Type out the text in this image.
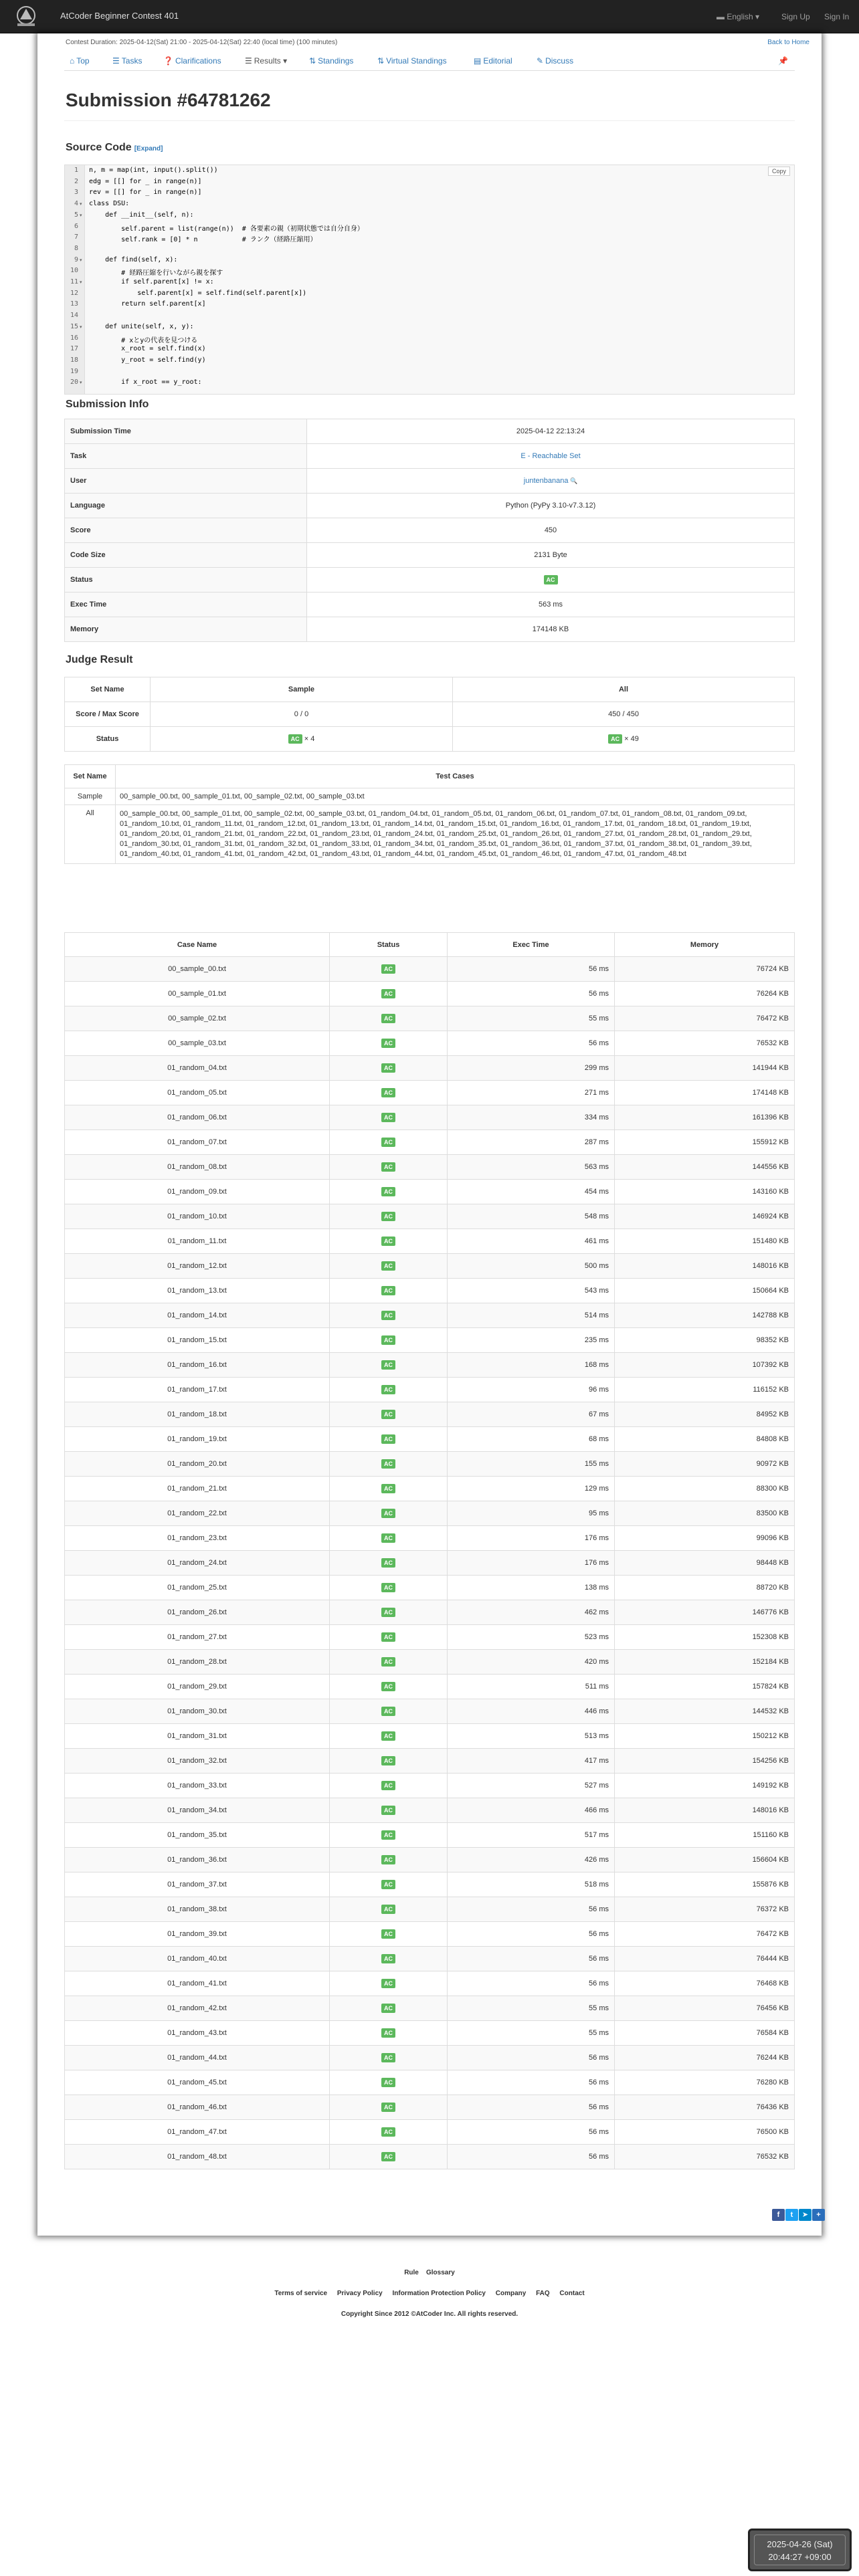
AtCoder Beginner Contest 401	▬ English ▾	Sign Up Sign In
Contest Duration: 2025-04-12(Sat) 21:00 - 2025-04-12(Sat) 22:40 (local time) (100 minutes)	Back to Home
⌂ Top	☰ Tasks	❓ Clarifications	☰ Results ▾	⇅ Standings	⇅ Virtual Standings	▤ Editorial	✎ Discuss	📌
Submission #64781262
Source Code [Expand]
1
2
3
4 ▾
5 ▾
6
7
8
9 ▾
10
11 ▾
12
13
14
15 ▾
16
17
18
19
20 ▾
n, m = map(int, input().split())
edg = [[] for _ in range(n)]
rev = [[] for _ in range(n)]
class DSU:
def __init__(self, n):
self.parent = list(range(n))  # 各要素の親（初期状態では自分自身）
self.rank = [0] * n           # ランク（経路圧縮用）
def find(self, x):
# 経路圧縮を行いながら親を探す
if self.parent[x] != x:
self.parent[x] = self.find(self.parent[x])
return self.parent[x]
def unite(self, x, y):
# xとyの代表を見つける
x_root = self.find(x)
y_root = self.find(y)
if x_root == y_root:
Copy
Submission Info
Submission Time	2025-04-12 22:13:24
Task	E - Reachable Set
User	juntenbanana 🔍
Language	Python (PyPy 3.10-v7.3.12)
Score	450
Code Size	2131 Byte
Status	AC
Exec Time	563 ms
Memory	174148 KB
Judge Result
Set Name	Sample	All
Score / Max Score	0 / 0	450 / 450
Status	AC × 4	AC × 49
Set Name	Test Cases
Sample	00_sample_00.txt, 00_sample_01.txt, 00_sample_02.txt, 00_sample_03.txt
All	00_sample_00.txt, 00_sample_01.txt, 00_sample_02.txt, 00_sample_03.txt, 01_random_04.txt, 01_random_05.txt, 01_random_06.txt, 01_random_07.txt, 01_random_08.txt, 01_random_09.txt, 01_random_10.txt, 01_random_11.txt, 01_random_12.txt, 01_random_13.txt, 01_random_14.txt, 01_random_15.txt, 01_random_16.txt, 01_random_17.txt, 01_random_18.txt, 01_random_19.txt, 01_random_20.txt, 01_random_21.txt, 01_random_22.txt, 01_random_23.txt, 01_random_24.txt, 01_random_25.txt, 01_random_26.txt, 01_random_27.txt, 01_random_28.txt, 01_random_29.txt, 01_random_30.txt, 01_random_31.txt, 01_random_32.txt, 01_random_33.txt, 01_random_34.txt, 01_random_35.txt, 01_random_36.txt, 01_random_37.txt, 01_random_38.txt, 01_random_39.txt, 01_random_40.txt, 01_random_41.txt, 01_random_42.txt, 01_random_43.txt, 01_random_44.txt, 01_random_45.txt, 01_random_46.txt, 01_random_47.txt, 01_random_48.txt
Case Name	Status	Exec Time	Memory
00_sample_00.txt	AC	56 ms	76724 KB
00_sample_01.txt	AC	56 ms	76264 KB
00_sample_02.txt	AC	55 ms	76472 KB
00_sample_03.txt	AC	56 ms	76532 KB
01_random_04.txt	AC	299 ms	141944 KB
01_random_05.txt	AC	271 ms	174148 KB
01_random_06.txt	AC	334 ms	161396 KB
01_random_07.txt	AC	287 ms	155912 KB
01_random_08.txt	AC	563 ms	144556 KB
01_random_09.txt	AC	454 ms	143160 KB
01_random_10.txt	AC	548 ms	146924 KB
01_random_11.txt	AC	461 ms	151480 KB
01_random_12.txt	AC	500 ms	148016 KB
01_random_13.txt	AC	543 ms	150664 KB
01_random_14.txt	AC	514 ms	142788 KB
01_random_15.txt	AC	235 ms	98352 KB
01_random_16.txt	AC	168 ms	107392 KB
01_random_17.txt	AC	96 ms	116152 KB
01_random_18.txt	AC	67 ms	84952 KB
01_random_19.txt	AC	68 ms	84808 KB
01_random_20.txt	AC	155 ms	90972 KB
01_random_21.txt	AC	129 ms	88300 KB
01_random_22.txt	AC	95 ms	83500 KB
01_random_23.txt	AC	176 ms	99096 KB
01_random_24.txt	AC	176 ms	98448 KB
01_random_25.txt	AC	138 ms	88720 KB
01_random_26.txt	AC	462 ms	146776 KB
01_random_27.txt	AC	523 ms	152308 KB
01_random_28.txt	AC	420 ms	152184 KB
01_random_29.txt	AC	511 ms	157824 KB
01_random_30.txt	AC	446 ms	144532 KB
01_random_31.txt	AC	513 ms	150212 KB
01_random_32.txt	AC	417 ms	154256 KB
01_random_33.txt	AC	527 ms	149192 KB
01_random_34.txt	AC	466 ms	148016 KB
01_random_35.txt	AC	517 ms	151160 KB
01_random_36.txt	AC	426 ms	156604 KB
01_random_37.txt	AC	518 ms	155876 KB
01_random_38.txt	AC	56 ms	76372 KB
01_random_39.txt	AC	56 ms	76472 KB
01_random_40.txt	AC	56 ms	76444 KB
01_random_41.txt	AC	56 ms	76468 KB
01_random_42.txt	AC	55 ms	76456 KB
01_random_43.txt	AC	55 ms	76584 KB
01_random_44.txt	AC	56 ms	76244 KB
01_random_45.txt	AC	56 ms	76280 KB
01_random_46.txt	AC	56 ms	76436 KB
01_random_47.txt	AC	56 ms	76500 KB
01_random_48.txt	AC	56 ms	76532 KB
f t ➤ +
Rule Glossary
Terms of service Privacy Policy Information Protection Policy Company FAQ Contact
Copyright Since 2012 ©AtCoder Inc. All rights reserved.
2025-04-26 (Sat)
20:44:27 +09:00
